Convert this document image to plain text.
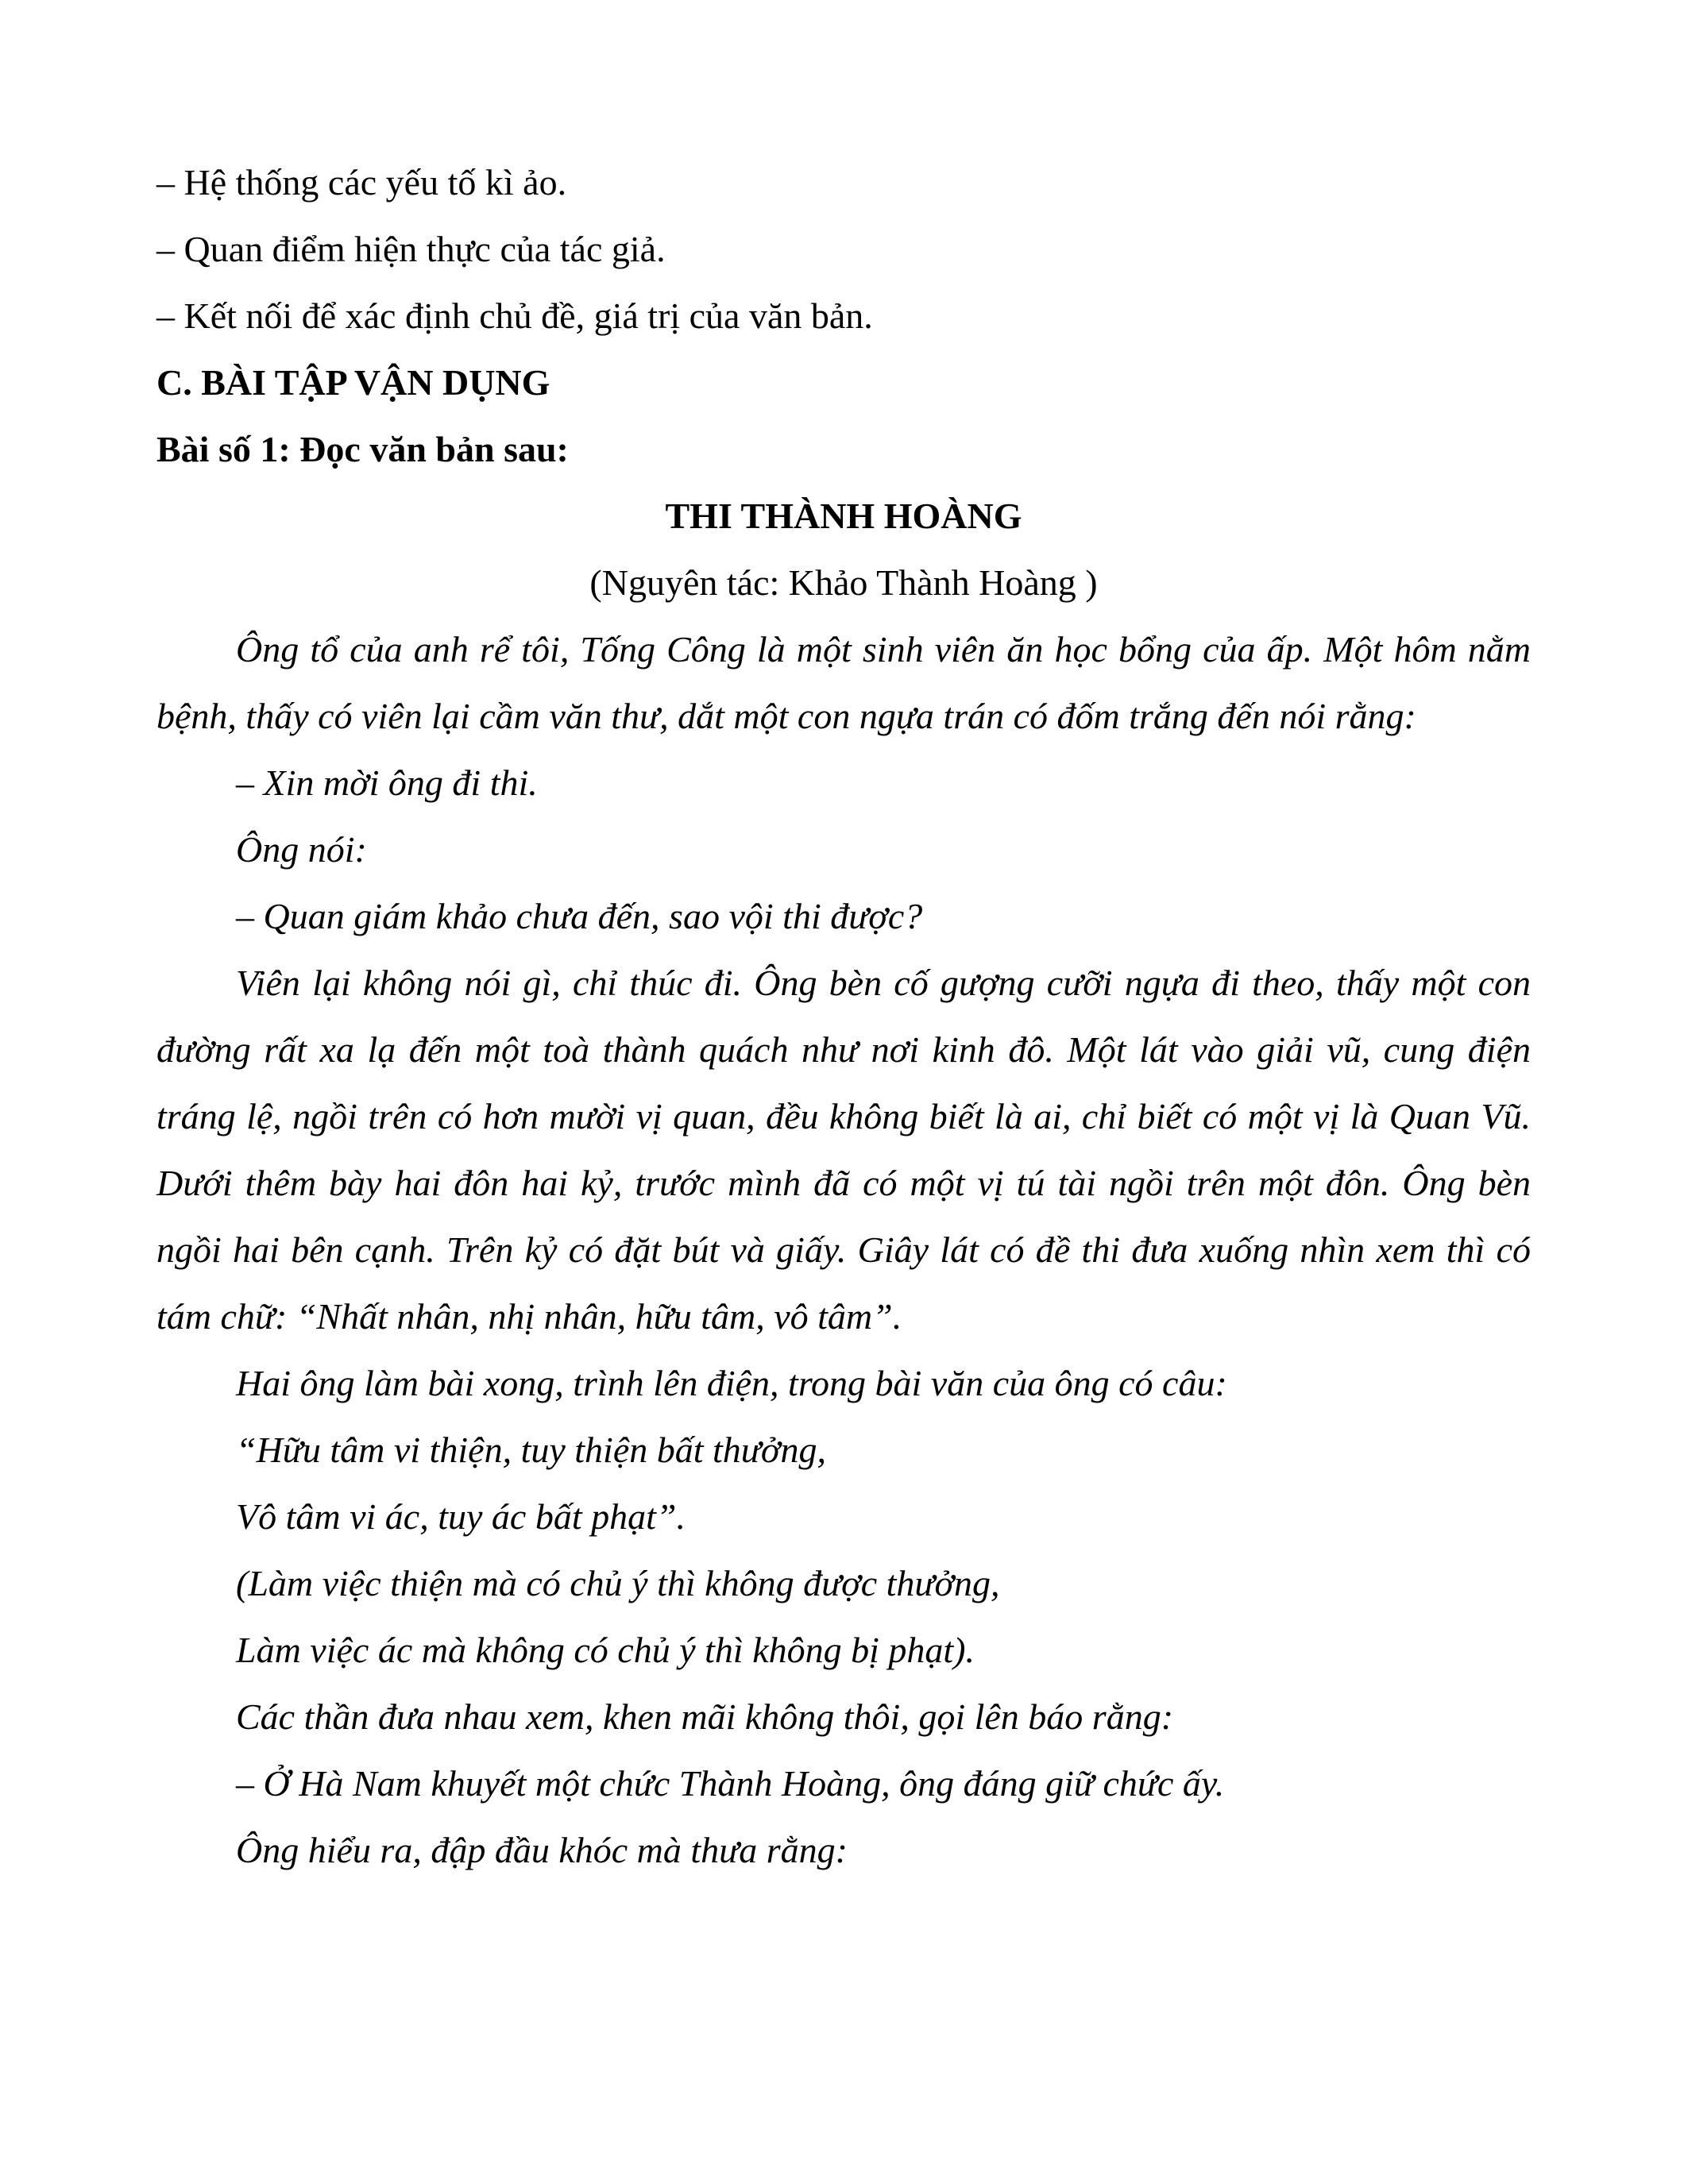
– Hệ thống các yếu tố kì ảo.

– Quan điểm hiện thực của tác giả.

– Kết nối để xác định chủ đề, giá trị của văn bản.

C. BÀI TẬP VẬN DỤNG

Bài số 1: Đọc văn bản sau:

THI THÀNH HOÀNG

(Nguyên tác: Khảo Thành Hoàng )

Ông tổ của anh rể tôi, Tống Công là một sinh viên ăn học bổng của ấp. Một hôm nằm bệnh, thấy có viên lại cầm văn thư, dắt một con ngựa trán có đốm trắng đến nói rằng:

– Xin mời ông đi thi.

Ông nói:

– Quan giám khảo chưa đến, sao vội thi được?

Viên lại không nói gì, chỉ thúc đi. Ông bèn cố gượng cưỡi ngựa đi theo, thấy một con đường rất xa lạ đến một toà thành quách như nơi kinh đô. Một lát vào giải vũ, cung điện tráng lệ, ngồi trên có hơn mười vị quan, đều không biết là ai, chỉ biết có một vị là Quan Vũ. Dưới thêm bày hai đôn hai kỷ, trước mình đã có một vị tú tài ngồi trên một đôn. Ông bèn ngồi hai bên cạnh. Trên kỷ có đặt bút và giấy. Giây lát có đề thi đưa xuống nhìn xem thì có tám chữ: “Nhất nhân, nhị nhân, hữu tâm, vô tâm”.

Hai ông làm bài xong, trình lên điện, trong bài văn của ông có câu:

“Hữu tâm vi thiện, tuy thiện bất thưởng,

Vô tâm vi ác, tuy ác bất phạt”.

(Làm việc thiện mà có chủ ý thì không được thưởng,

Làm việc ác mà không có chủ ý thì không bị phạt).

Các thần đưa nhau xem, khen mãi không thôi, gọi lên báo rằng:

– Ở Hà Nam khuyết một chức Thành Hoàng, ông đáng giữ chức ấy.

Ông hiểu ra, đập đầu khóc mà thưa rằng:
